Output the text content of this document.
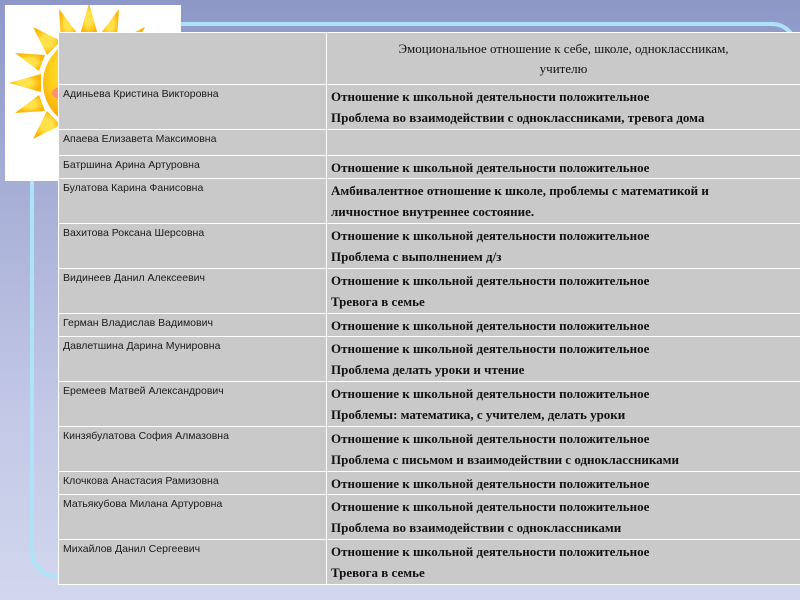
	Эмоциональное отношение к себе, школе, одноклассникам,
учителю

Адиньева Кристина Викторовна	Отношение к школьной деятельности положительное
Проблема во взаимодействии с одноклассниками, тревога дома

Апаева Елизавета Максимовна	
Батршина Арина Артуровна	Отношение к школьной деятельности положительное

Булатова Карина Фанисовна	Амбивалентное отношение к школе, проблемы с математикой и
личностное внутреннее состояние.

Вахитова Роксана Шерсовна	Отношение к школьной деятельности положительное
Проблема с выполнением д/з

Видинеев Данил Алексеевич	Отношение к школьной деятельности положительное
Тревога в семье

Герман Владислав Вадимович	Отношение к школьной деятельности положительное

Давлетшина Дарина Мунировна	Отношение к школьной деятельности положительное
Проблема делать уроки и чтение

Еремеев Матвей Александрович	Отношение к школьной деятельности положительное
Проблемы: математика, с учителем, делать уроки

Кинзябулатова София Алмазовна	Отношение к школьной деятельности положительное
Проблема с письмом и взаимодействии с одноклассниками

Клочкова Анастасия Рамизовна	Отношение к школьной деятельности положительное

Матьякубова Милана Артуровна	Отношение к школьной деятельности положительное
Проблема во взаимодействии с одноклассниками

Михайлов Данил Сергеевич	Отношение к школьной деятельности положительное
Тревога в семье
